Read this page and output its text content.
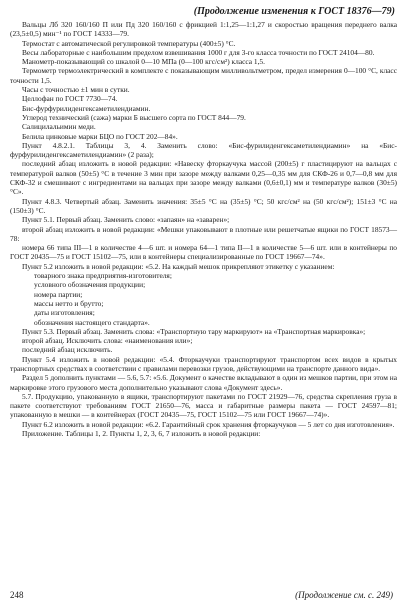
(Продолжение изменения к ГОСТ 18376—79)

Вальцы Лб 320 160/160 П или Пд 320 160/160 с фрикцией 1:1,25—1:1,27 и скоростью вращения переднего валка (23,5±0,5) мин⁻¹ по ГОСТ 14333—79.

Термостат с автоматической регулировкой температуры (400±5) °С.

Весы лабораторные с наибольшим пределом взвешивания 1000 г для 3-го класса точности по ГОСТ 24104—80.

Манометр-показывающий со шкалой 0—10 МПа (0—100 кгс/см²) класса 1,5.

Термометр термоэлектрический в комплекте с показывающим милливольтметром, предел измерения 0—100 °С, класс точности 1,5.

Часы с точностью ±1 мин в сутки.

Целлофан по ГОСТ 7730—74.

Бис-фурфурилиденгексаметилендиамин.

Углерод технический (сажа) марки Б высшего сорта по ГОСТ 844—79.

Салицилальимин меди.

Белила цинковые марки БЦО по ГОСТ 202—84».

Пункт 4.8.2.1. Таблицы 3, 4. Заменить слово: «Бис-фурилиденгексаметилендиамин» на «Бис-фурфурилиденгексаметилендиамин» (2 раза);

последний абзац изложить в новой редакции: «Навеску фторкаучука массой (200±5) г пластицируют на вальцах с температурой валков (50±5) °С в течение 3 мин при зазоре между валками 0,25—0,35 мм для СКФ-26 и 0,7—0,8 мм для СКФ-32 и смешивают с ингредиентами на вальцах при зазоре между валками (0,6±0,1) мм и температуре валков (30±5) °С».

Пункт 4.8.3. Четвертый абзац. Заменить значения: 35±5 °С на (35±5) °С; 50 кгс/см² на (50 кгс/см²); 151±3 °С на (150±3) °С.

Пункт 5.1. Первый абзац. Заменить слово: «запаян» на «заварен»;

второй абзац изложить в новой редакции: «Мешки упаковывают в плотные или решетчатые ящики по ГОСТ 18573—78:

номера 66 типа III—1 в количестве 4—6 шт. и номера 64—1 типа II—1 в количестве 5—6 шт. или в контейнеры по ГОСТ 20435—75 и ГОСТ 15102—75, или в контейнеры специализированные по ГОСТ 19667—74».

Пункт 5.2 изложить в новой редакции: «5.2. На каждый мешок прикрепляют этикетку с указанием:

товарного знака предприятия-изготовителя;

условного обозначения продукции;

номера партии;

массы нетто и брутто;

даты изготовления;

обозначения настоящего стандарта».

Пункт 5.3. Первый абзац. Заменить слова: «Транспортную тару маркируют» на «Транспортная маркировка»;

второй абзац. Исключить слова: «наименования или»;

последний абзац исключить.

Пункт 5.4 изложить в новой редакции: «5.4. Фторкаучуки транспортируют транспортом всех видов в крытых транспортных средствах в соответствии с правилами перевозки грузов, действующими на транспорте данного вида».

Раздел 5 дополнить пунктами — 5.6, 5.7: «5.6. Документ о качестве вкладывают в один из мешков партии, при этом на маркировке этого грузового места дополнительно указывают слова «Документ здесь».

5.7. Продукцию, упакованную в ящики, транспортируют пакетами по ГОСТ 21929—76, средства скрепления груза в пакете соответствуют требованиям ГОСТ 21650—76, масса и габаритные размеры пакета — ГОСТ 24597—81; упакованную в мешки — в контейнерах (ГОСТ 20435—75, ГОСТ 15102—75 или ГОСТ 19667—74)».

Пункт 6.2 изложить в новой редакции: «6.2. Гарантийный срок хранения фторкаучуков — 5 лет со дня изготовления».

Приложение. Таблицы 1, 2. Пункты 1, 2, 3, 6, 7 изложить в новой редакции:

248	(Продолжение см. с. 249)
